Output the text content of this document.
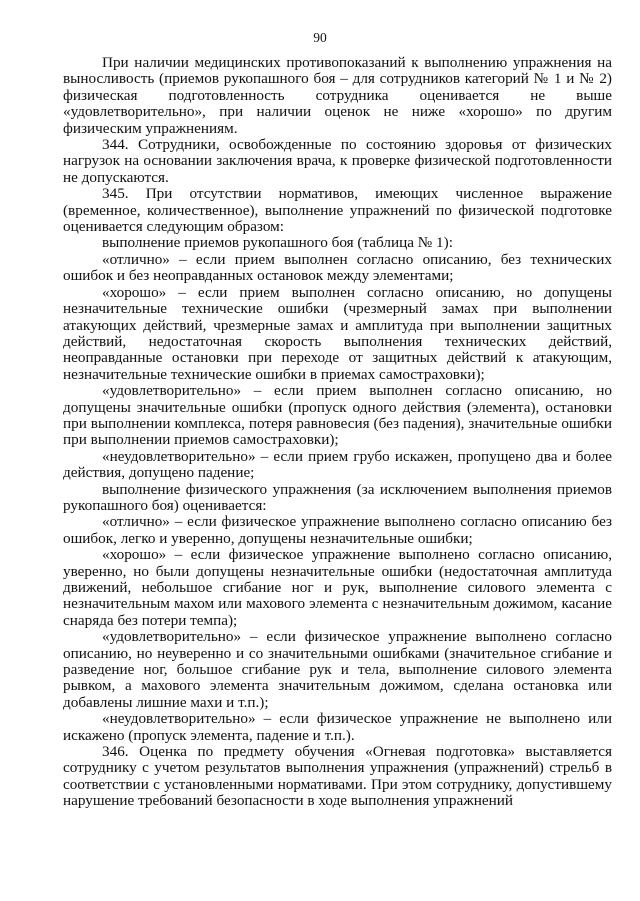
90

При наличии медицинских противопоказаний к выполнению упражнения на выносливость (приемов рукопашного боя – для сотрудников категорий № 1 и № 2) физическая подготовленность сотрудника оценивается не выше «удовлетворительно», при наличии оценок не ниже «хорошо» по другим физическим упражнениям.

344. Сотрудники, освобожденные по состоянию здоровья от физических нагрузок на основании заключения врача, к проверке физической подготовленности не допускаются.

345. При отсутствии нормативов, имеющих численное выражение (временное, количественное), выполнение упражнений по физической подготовке оценивается следующим образом:

выполнение приемов рукопашного боя (таблица № 1):

«отлично» – если прием выполнен согласно описанию, без технических ошибок и без неоправданных остановок между элементами;

«хорошо» – если прием выполнен согласно описанию, но допущены незначительные технические ошибки (чрезмерный замах при выполнении атакующих действий, чрезмерные замах и амплитуда при выполнении защитных действий, недостаточная скорость выполнения технических действий, неоправданные остановки при переходе от защитных действий к атакующим, незначительные технические ошибки в приемах самостраховки);

«удовлетворительно» – если прием выполнен согласно описанию, но допущены значительные ошибки (пропуск одного действия (элемента), остановки при выполнении комплекса, потеря равновесия (без падения), значительные ошибки при выполнении приемов самостраховки);

«неудовлетворительно» – если прием грубо искажен, пропущено два и более действия, допущено падение;

выполнение физического упражнения (за исключением выполнения приемов рукопашного боя) оценивается:

«отлично» – если физическое упражнение выполнено согласно описанию без ошибок, легко и уверенно, допущены незначительные ошибки;

«хорошо» – если физическое упражнение выполнено согласно описанию, уверенно, но были допущены незначительные ошибки (недостаточная амплитуда движений, небольшое сгибание ног и рук, выполнение силового элемента с незначительным махом или махового элемента с незначительным дожимом, касание снаряда без потери темпа);

«удовлетворительно» – если физическое упражнение выполнено согласно описанию, но неуверенно и со значительными ошибками (значительное сгибание и разведение ног, большое сгибание рук и тела, выполнение силового элемента рывком, а махового элемента значительным дожимом, сделана остановка или добавлены лишние махи и т.п.);

«неудовлетворительно» – если физическое упражнение не выполнено или искажено (пропуск элемента, падение и т.п.).

346. Оценка по предмету обучения «Огневая подготовка» выставляется сотруднику с учетом результатов выполнения упражнения (упражнений) стрельб в соответствии с установленными нормативами. При этом сотруднику, допустившему нарушение требований безопасности в ходе выполнения упражнений
